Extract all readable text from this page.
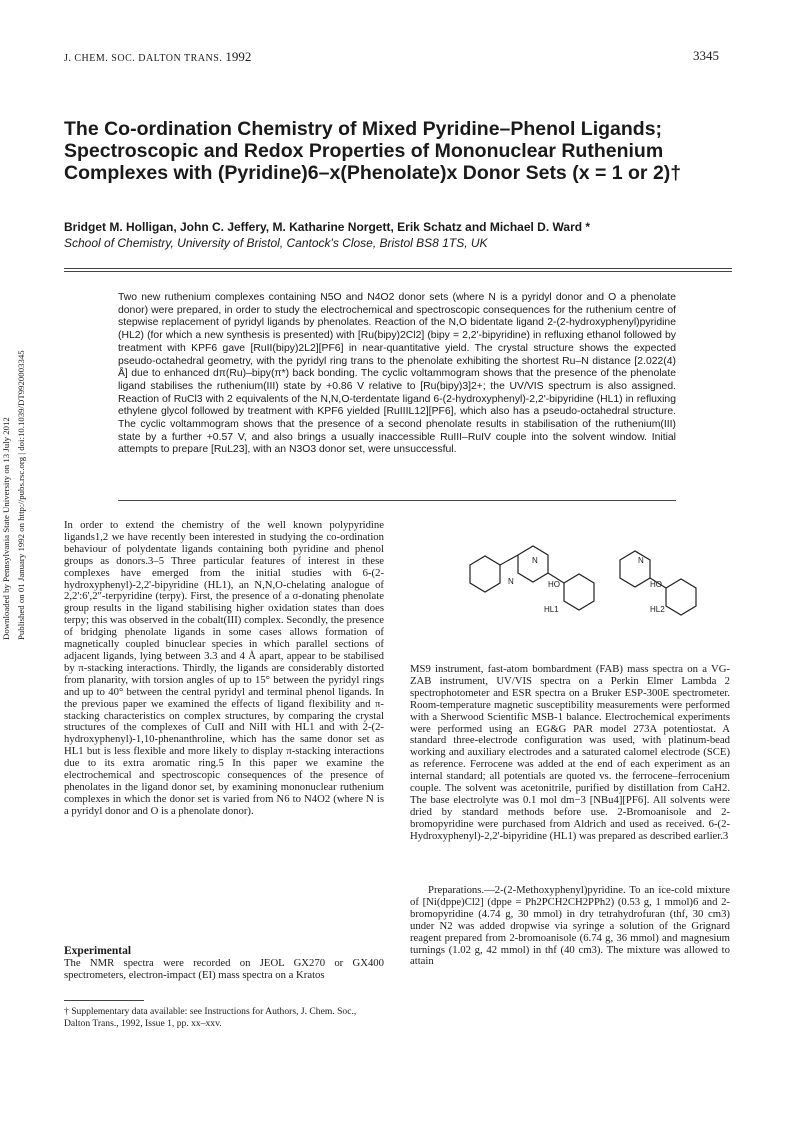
J. CHEM. SOC. DALTON TRANS. 1992	3345
The Co-ordination Chemistry of Mixed Pyridine–Phenol Ligands; Spectroscopic and Redox Properties of Mononuclear Ruthenium Complexes with (Pyridine)6–x(Phenolate)x Donor Sets (x = 1 or 2)†
Bridget M. Holligan, John C. Jeffery, M. Katharine Norgett, Erik Schatz and Michael D. Ward *
School of Chemistry, University of Bristol, Cantock's Close, Bristol BS8 1TS, UK
Two new ruthenium complexes containing N5O and N4O2 donor sets (where N is a pyridyl donor and O a phenolate donor) were prepared, in order to study the electrochemical and spectroscopic consequences for the ruthenium centre of stepwise replacement of pyridyl ligands by phenolates. Reaction of the N,O bidentate ligand 2-(2-hydroxyphenyl)pyridine (HL2) (for which a new synthesis is presented) with [Ru(bipy)2Cl2] (bipy = 2,2'-bipyridine) in refluxing ethanol followed by treatment with KPF6 gave [RuII(bipy)2L2][PF6] in near-quantitative yield. The crystal structure shows the expected pseudo-octahedral geometry, with the pyridyl ring trans to the phenolate exhibiting the shortest Ru–N distance [2.022(4) Å] due to enhanced dπ(Ru)–bipy(π*) back bonding. The cyclic voltammogram shows that the presence of the phenolate ligand stabilises the ruthenium(III) state by +0.86 V relative to [Ru(bipy)3]2+; the UV/VIS spectrum is also assigned. Reaction of RuCl3 with 2 equivalents of the N,N,O-terdentate ligand 6-(2-hydroxyphenyl)-2,2'-bipyridine (HL1) in refluxing ethylene glycol followed by treatment with KPF6 yielded [RuIIIL12][PF6], which also has a pseudo-octahedral structure. The cyclic voltammogram shows that the presence of a second phenolate results in stabilisation of the ruthenium(III) state by a further +0.57 V, and also brings a usually inaccessible RuIII–RuIV couple into the solvent window. Initial attempts to prepare [RuL23], with an N3O3 donor set, were unsuccessful.
Downloaded by Pennsylvania State University on 13 July 2012 Published on 01 January 1992 on http://pubs.rsc.org | doi:10.1039/DT9920003345	In order to extend the chemistry of the well known polypyridine ligands1,2 we have recently been interested in studying the co-ordination behaviour of polydentate ligands containing both pyridine and phenol groups as donors.3–5 Three particular features of interest in these complexes have emerged from the initial studies with 6-(2-hydroxyphenyl)-2,2'-bipyridine (HL1), an N,N,O-chelating analogue of 2,2':6',2"-terpyridine (terpy). First, the presence of a σ-donating phenolate group results in the ligand stabilising higher oxidation states than does terpy; this was observed in the cobalt(III) complex. Secondly, the presence of bridging phenolate ligands in some cases allows formation of magnetically coupled binuclear species in which parallel sections of adjacent ligands, lying between 3.3 and 4 Å apart, appear to be stabilised by π-stacking interactions. Thirdly, the ligands are considerably distorted from planarity, with torsion angles of up to 15° between the pyridyl rings and up to 40° between the central pyridyl and terminal phenol ligands. In the previous paper we examined the effects of ligand flexibility and π-stacking characteristics on complex structures, by comparing the crystal structures of the complexes of CuII and NiII with HL1 and with 2-(2-hydroxyphenyl)-1,10-phenanthroline, which has the same donor set as HL1 but is less flexible and more likely to display π-stacking interactions due to its extra aromatic ring.5 In this paper we examine the electrochemical and spectroscopic consequences of the presence of phenolates in the ligand donor set, by examining mononuclear ruthenium complexes in which the donor set is varied from N6 to N4O2 (where N is a pyridyl donor and O is a phenolate donor).
Experimental
The NMR spectra were recorded on JEOL GX270 or GX400 spectrometers, electron-impact (EI) mass spectra on a Kratos
† Supplementary data available: see Instructions for Authors, J. Chem. Soc., Dalton Trans., 1992, Issue 1, pp. xx–xxv.
N
N
HO
HL1
N
HO
HL2
MS9 instrument, fast-atom bombardment (FAB) mass spectra on a VG-ZAB instrument, UV/VIS spectra on a Perkin Elmer Lambda 2 spectrophotometer and ESR spectra on a Bruker ESP-300E spectrometer. Room-temperature magnetic susceptibility measurements were performed with a Sherwood Scientific MSB-1 balance. Electrochemical experiments were performed using an EG&G PAR model 273A potentiostat. A standard three-electrode configuration was used, with platinum-bead working and auxiliary electrodes and a saturated calomel electrode (SCE) as reference. Ferrocene was added at the end of each experiment as an internal standard; all potentials are quoted vs. the ferrocene–ferrocenium couple. The solvent was acetonitrile, purified by distillation from CaH2. The base electrolyte was 0.1 mol dm−3 [NBu4][PF6]. All solvents were dried by standard methods before use. 2-Bromoanisole and 2-bromopyridine were purchased from Aldrich and used as received. 6-(2-Hydroxyphenyl)-2,2'-bipyridine (HL1) was prepared as described earlier.3
Preparations.—2-(2-Methoxyphenyl)pyridine. To an ice-cold mixture of [Ni(dppe)Cl2] (dppe = Ph2PCH2CH2PPh2) (0.53 g, 1 mmol)6 and 2-bromopyridine (4.74 g, 30 mmol) in dry tetrahydrofuran (thf, 30 cm3) under N2 was added dropwise via syringe a solution of the Grignard reagent prepared from 2-bromoanisole (6.74 g, 36 mmol) and magnesium turnings (1.02 g, 42 mmol) in thf (40 cm3). The mixture was allowed to attain
